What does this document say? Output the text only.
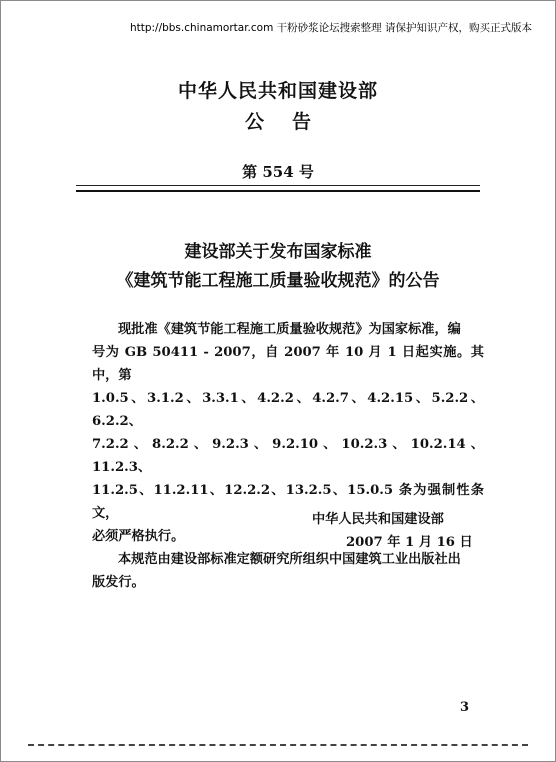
http://bbs.chinamortar.com 干粉砂浆论坛搜索整理 请保护知识产权，购买正式版本
中华人民共和国建设部
公告
第 554 号
建设部关于发布国家标准
《建筑节能工程施工质量验收规范》的公告
现批准《建筑节能工程施工质量验收规范》为国家标准，编
号为 GB 50411 - 2007，自 2007 年 10 月 1 日起实施。其中，第
1.0.5、3.1.2、3.3.1、4.2.2、4.2.7、4.2.15、5.2.2、6.2.2、
7.2.2、8.2.2、9.2.3、9.2.10、10.2.3、10.2.14、11.2.3、
11.2.5、11.2.11、12.2.2、13.2.5、15.0.5 条为强制性条文，
必须严格执行。
本规范由建设部标准定额研究所组织中国建筑工业出版社出
版发行。
中华人民共和国建设部
2007 年 1 月 16 日
3
